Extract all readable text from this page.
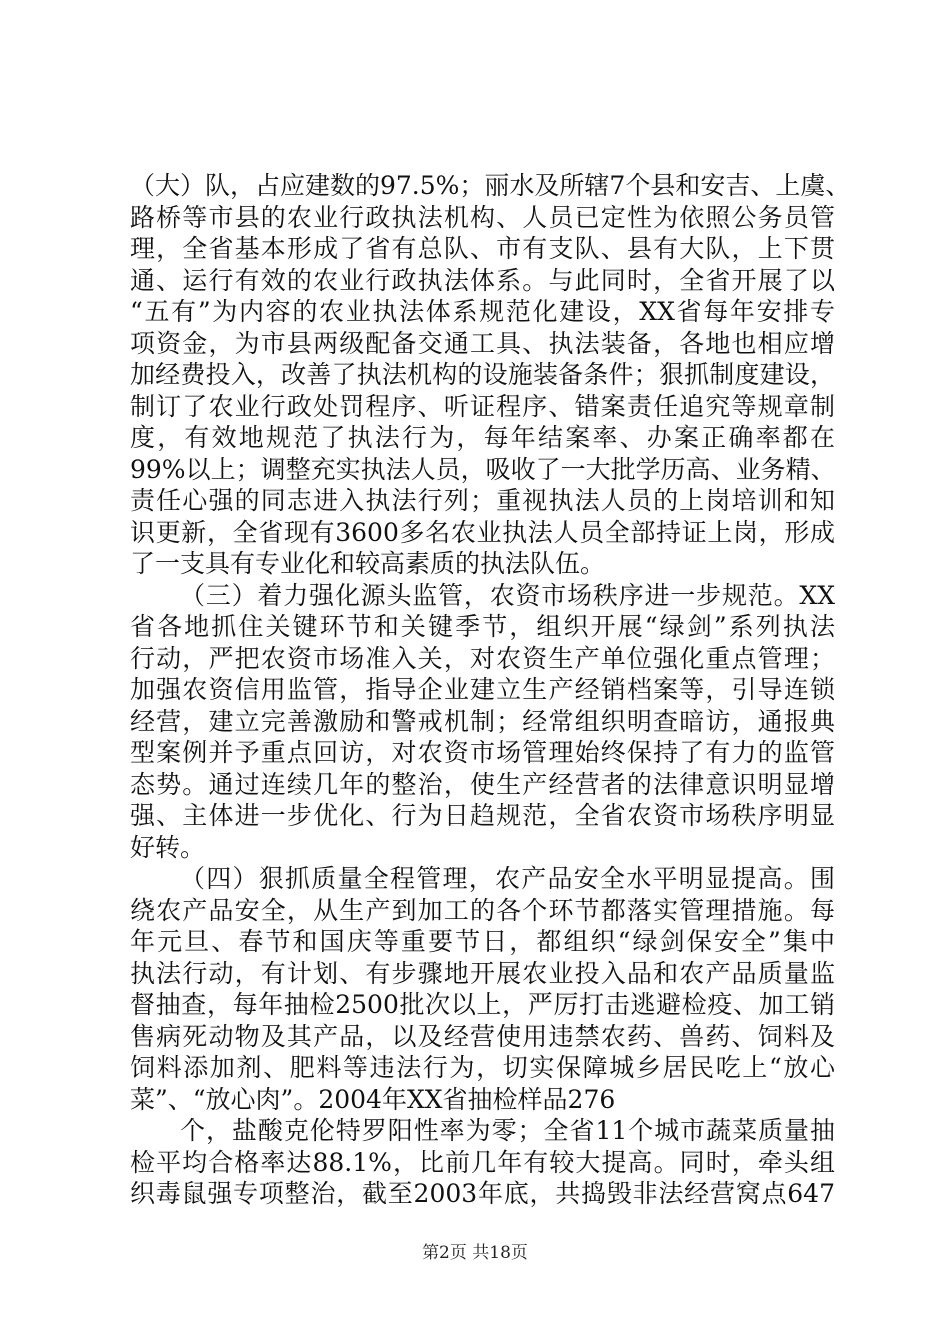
（大）队，占应建数的97.5%；丽水及所辖7个县和安吉、上虞、
路桥等市县的农业行政执法机构、人员已定性为依照公务员管
理，全省基本形成了省有总队、市有支队、县有大队，上下贯
通、运行有效的农业行政执法体系。与此同时，全省开展了以
“五有”为内容的农业执法体系规范化建设，XX省每年安排专
项资金，为市县两级配备交通工具、执法装备，各地也相应增
加经费投入，改善了执法机构的设施装备条件；狠抓制度建设，
制订了农业行政处罚程序、听证程序、错案责任追究等规章制
度，有效地规范了执法行为，每年结案率、办案正确率都在
99%以上；调整充实执法人员，吸收了一大批学历高、业务精、
责任心强的同志进入执法行列；重视执法人员的上岗培训和知
识更新，全省现有3600多名农业执法人员全部持证上岗，形成
了一支具有专业化和较高素质的执法队伍。
（三）着力强化源头监管，农资市场秩序进一步规范。XX
省各地抓住关键环节和关键季节，组织开展“绿剑”系列执法
行动，严把农资市场准入关，对农资生产单位强化重点管理；
加强农资信用监管，指导企业建立生产经销档案等，引导连锁
经营，建立完善激励和警戒机制；经常组织明查暗访，通报典
型案例并予重点回访，对农资市场管理始终保持了有力的监管
态势。通过连续几年的整治，使生产经营者的法律意识明显增
强、主体进一步优化、行为日趋规范，全省农资市场秩序明显
好转。
（四）狠抓质量全程管理，农产品安全水平明显提高。围
绕农产品安全，从生产到加工的各个环节都落实管理措施。每
年元旦、春节和国庆等重要节日，都组织“绿剑保安全”集中
执法行动，有计划、有步骤地开展农业投入品和农产品质量监
督抽查，每年抽检2500批次以上，严厉打击逃避检疫、加工销
售病死动物及其产品，以及经营使用违禁农药、兽药、饲料及
饲料添加剂、肥料等违法行为，切实保障城乡居民吃上“放心
菜”、“放心肉”。2004年XX省抽检样品276
个，盐酸克伦特罗阳性率为零；全省11个城市蔬菜质量抽
检平均合格率达88.1%，比前几年有较大提高。同时，牵头组
织毒鼠强专项整治，截至2003年底，共捣毁非法经营窝点647
第2页 共18页
